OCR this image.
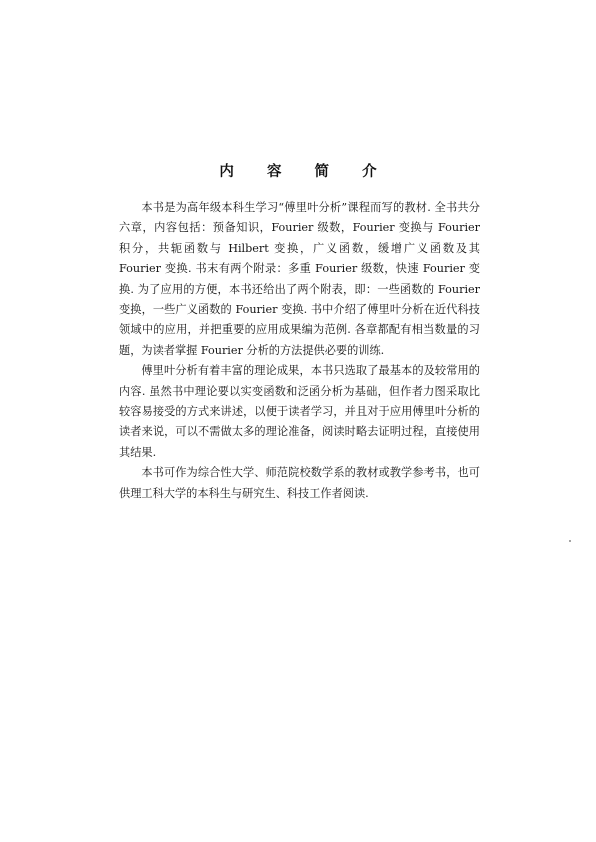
内 容 简 介

本书是为高年级本科生学习“傅里叶分析”课程而写的教材. 全书共分六章，内容包括：预备知识，Fourier 级数，Fourier 变换与 Fourier 积分，共轭函数与 Hilbert 变换，广义函数，缓增广义函数及其 Fourier 变换. 书末有两个附录：多重 Fourier 级数，快速 Fourier 变换. 为了应用的方便，本书还给出了两个附表，即：一些函数的 Fourier 变换，一些广义函数的 Fourier 变换. 书中介绍了傅里叶分析在近代科技领域中的应用，并把重要的应用成果编为范例. 各章都配有相当数量的习题，为读者掌握 Fourier 分析的方法提供必要的训练.

傅里叶分析有着丰富的理论成果，本书只选取了最基本的及较常用的内容. 虽然书中理论要以实变函数和泛函分析为基础，但作者力图采取比较容易接受的方式来讲述，以便于读者学习，并且对于应用傅里叶分析的读者来说，可以不需做太多的理论准备，阅读时略去证明过程，直接使用其结果.

本书可作为综合性大学、师范院校数学系的教材或教学参考书，也可供理工科大学的本科生与研究生、科技工作者阅读.
